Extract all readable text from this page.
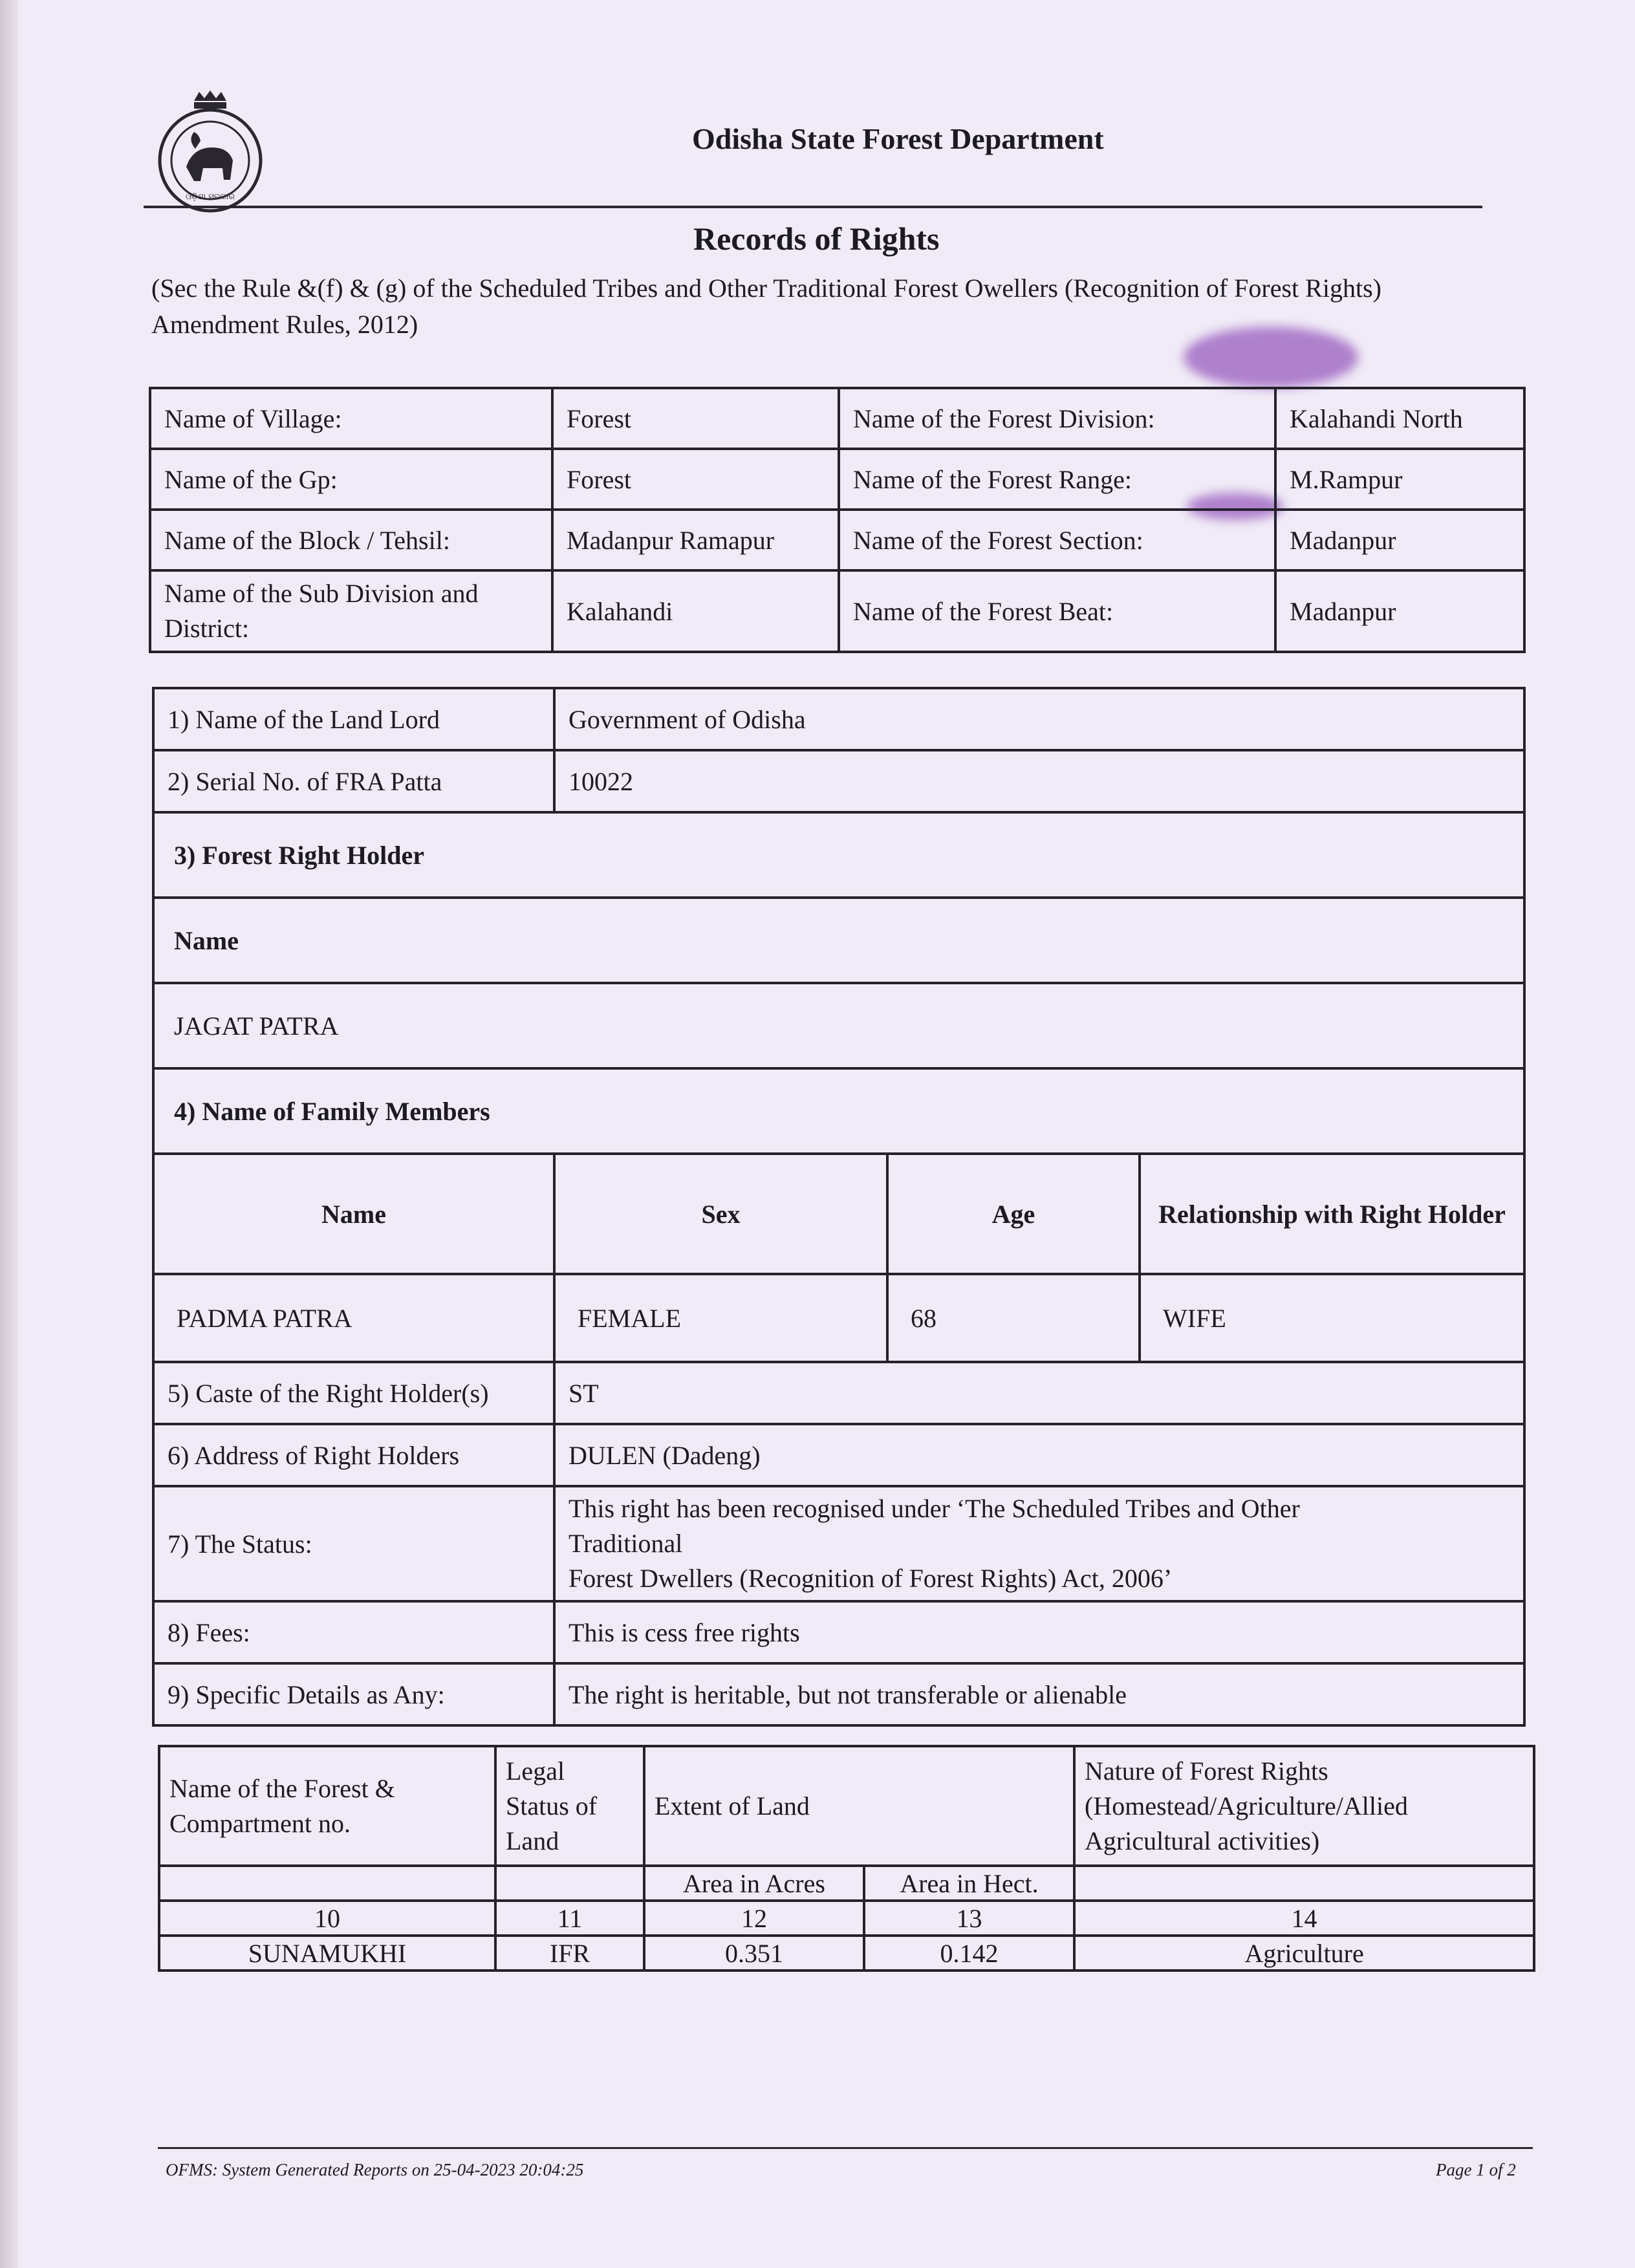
ଓଡ଼ିଶା ସରକାର
Odisha State Forest Department
Records of Rights
(Sec the Rule &(f) & (g) of the Scheduled Tribes and Other Traditional Forest Owellers (Recognition of Forest Rights) Amendment Rules, 2012)
Name of Village:	Forest	Name of the Forest Division:	Kalahandi North
Name of the Gp:	Forest	Name of the Forest Range:	M.Rampur
Name of the Block / Tehsil:	Madanpur Ramapur	Name of the Forest Section:	Madanpur
Name of the Sub Division and District:	Kalahandi	Name of the Forest Beat:	Madanpur
1) Name of the Land Lord	Government of Odisha		
2) Serial No. of FRA Patta	10022		
3) Forest Right Holder			
Name			
JAGAT PATRA			
4) Name of Family Members			
Name	Sex	Age	Relationship with Right Holder
PADMA PATRA	FEMALE	68	WIFE
5) Caste of the Right Holder(s)	ST		
6) Address of Right Holders	DULEN (Dadeng)		
7) The Status:	This right has been recognised under ‘The Scheduled Tribes and Other
Traditional
Forest Dwellers (Recognition of Forest Rights) Act, 2006’		

8) Fees:	This is cess free rights		
9) Specific Details as Any:	The right is heritable, but not transferable or alienable		
Name of the Forest & Compartment no.	Legal Status of Land	Extent of Land		Nature of Forest Rights (Homestead/Agriculture/Allied Agricultural activities)
		Area in Acres	Area in Hect.	
10	11	12	13	14
SUNAMUKHI	IFR	0.351	0.142	Agriculture
OFMS: System Generated Reports on 25-04-2023 20:04:25	Page 1 of 2
